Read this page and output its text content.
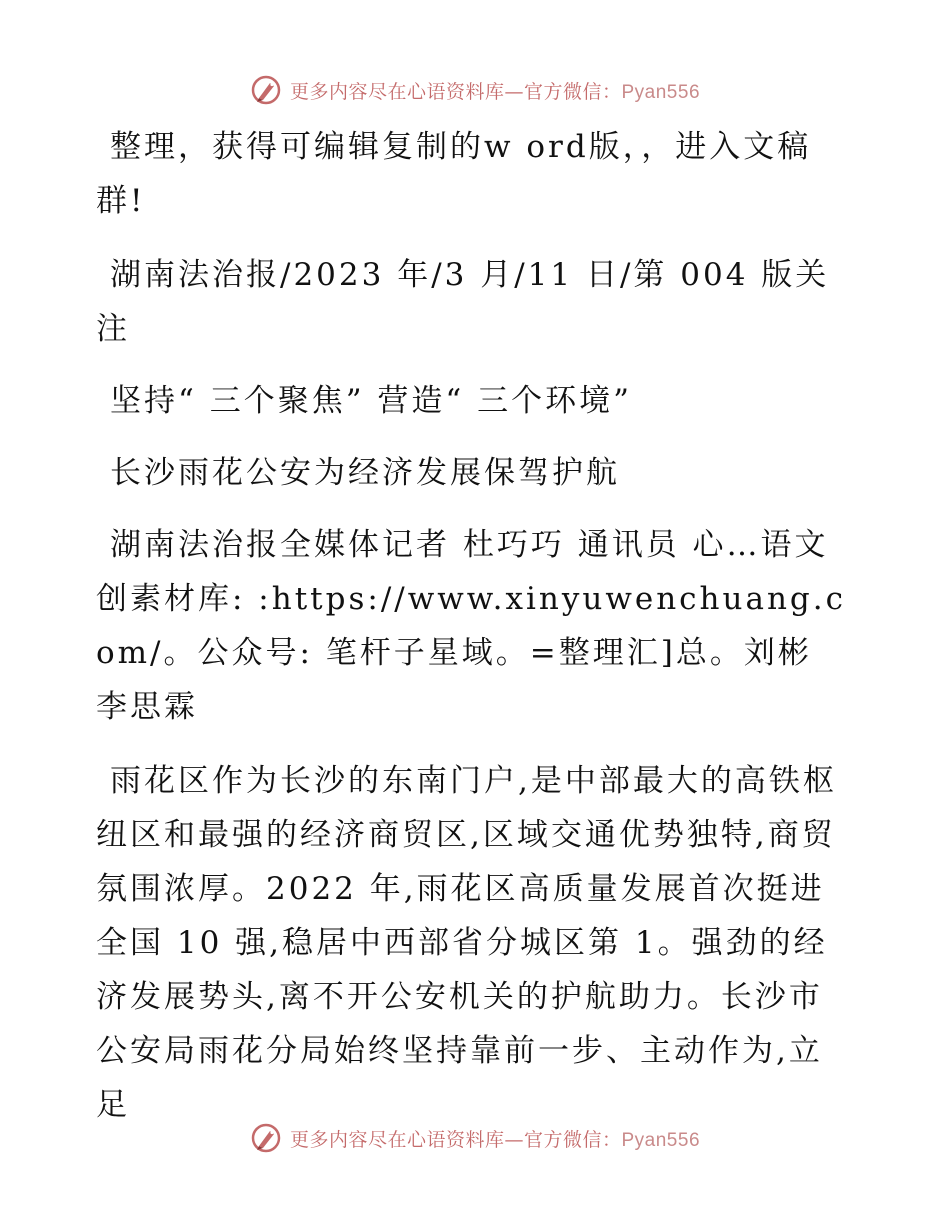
更多内容尽在心语资料库—官方微信：Pyan556

整理，获得可编辑复制的w ord版，，进入文稿群!

湖南法治报/2023 年/3 月/11 日/第 004 版关注

坚持“ 三个聚焦” 营造“ 三个环境”

长沙雨花公安为经济发展保驾护航

湖南法治报全媒体记者 杜巧巧 通讯员 心…语文创素材库: :https://www.xinyuwenchuang.com/。公众号: 笔杆子星域。=整理汇]总。刘彬 李思霖

雨花区作为长沙的东南门户,是中部最大的高铁枢纽区和最强的经济商贸区,区域交通优势独特,商贸氛围浓厚。2022 年,雨花区高质量发展首次挺进全国 10 强,稳居中西部省分城区第 1。强劲的经济发展势头,离不开公安机关的护航助力。长沙市公安局雨花分局始终坚持靠前一步、主动作为,立足

更多内容尽在心语资料库—官方微信：Pyan556
